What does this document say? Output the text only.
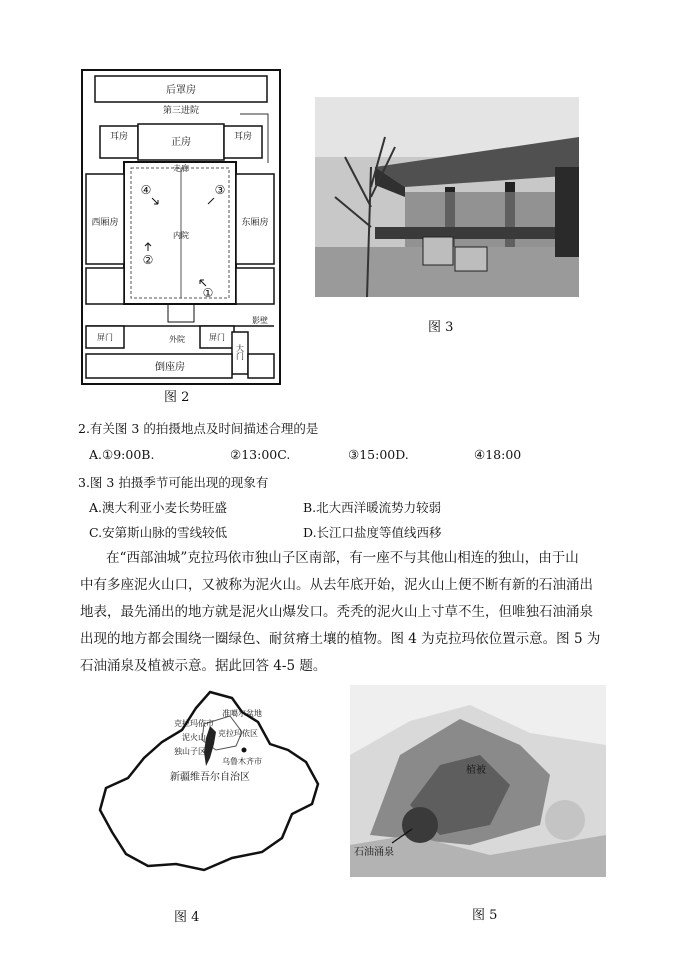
后罩房
第三进院
耳房	正房	耳房
走廊
内院
西厢房	东厢房
④	③
②
①
影壁
屏门	屏门
外院
大门
倒座房
图 2
图 3
2.有关图 3 的拍摄地点及时间描述合理的是
A.①9:00B.	②13:00C.	③15:00D.	④18:00
3.图 3 拍摄季节可能出现的现象有
A.澳大利亚小麦长势旺盛	B.北大西洋暖流势力较弱
C.安第斯山脉的雪线较低	D.长江口盐度等值线西移
在“西部油城”克拉玛依市独山子区南部，有一座不与其他山相连的独山，由于山
中有多座泥火山口，又被称为泥火山。从去年底开始，泥火山上便不断有新的石油涌出
地表，最先涌出的地方就是泥火山爆发口。秃秃的泥火山上寸草不生，但唯独石油涌泉
出现的地方都会围绕一圈绿色、耐贫瘠土壤的植物。图 4 为克拉玛依位置示意。图 5 为
石油涌泉及植被示意。据此回答 4-5 题。
准噶尔盆地
克拉玛依市
克拉玛依区
泥火山
独山子区
乌鲁木齐市
新疆维吾尔自治区
图 4
植被
石油涌泉
图 5
